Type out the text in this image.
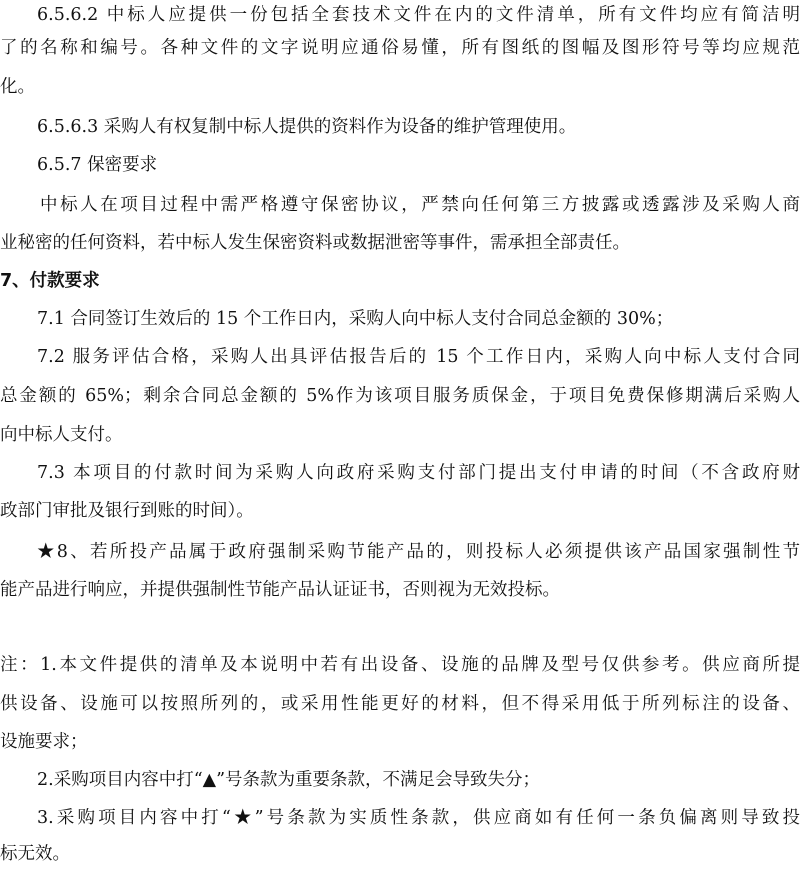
6.5.6.2 中标人应提供一份包括全套技术文件在内的文件清单，所有文件均应有简洁明
了的名称和编号。各种文件的文字说明应通俗易懂，所有图纸的图幅及图形符号等均应规范
化。
6.5.6.3 采购人有权复制中标人提供的资料作为设备的维护管理使用。
6.5.7 保密要求
中标人在项目过程中需严格遵守保密协议，严禁向任何第三方披露或透露涉及采购人商
业秘密的任何资料，若中标人发生保密资料或数据泄密等事件，需承担全部责任。
7、付款要求
7.1 合同签订生效后的 15 个工作日内，采购人向中标人支付合同总金额的 30%；
7.2 服务评估合格，采购人出具评估报告后的 15 个工作日内，采购人向中标人支付合同
总金额的 65%；剩余合同总金额的 5%作为该项目服务质保金，于项目免费保修期满后采购人
向中标人支付。
7.3 本项目的付款时间为采购人向政府采购支付部门提出支付申请的时间（不含政府财
政部门审批及银行到账的时间）。
★8、若所投产品属于政府强制采购节能产品的，则投标人必须提供该产品国家强制性节
能产品进行响应，并提供强制性节能产品认证证书，否则视为无效投标。
注：1.本文件提供的清单及本说明中若有出设备、设施的品牌及型号仅供参考。供应商所提
供设备、设施可以按照所列的，或采用性能更好的材料，但不得采用低于所列标注的设备、
设施要求；
2.采购项目内容中打“▲”号条款为重要条款，不满足会导致失分；
3.采购项目内容中打“★”号条款为实质性条款，供应商如有任何一条负偏离则导致投
标无效。
